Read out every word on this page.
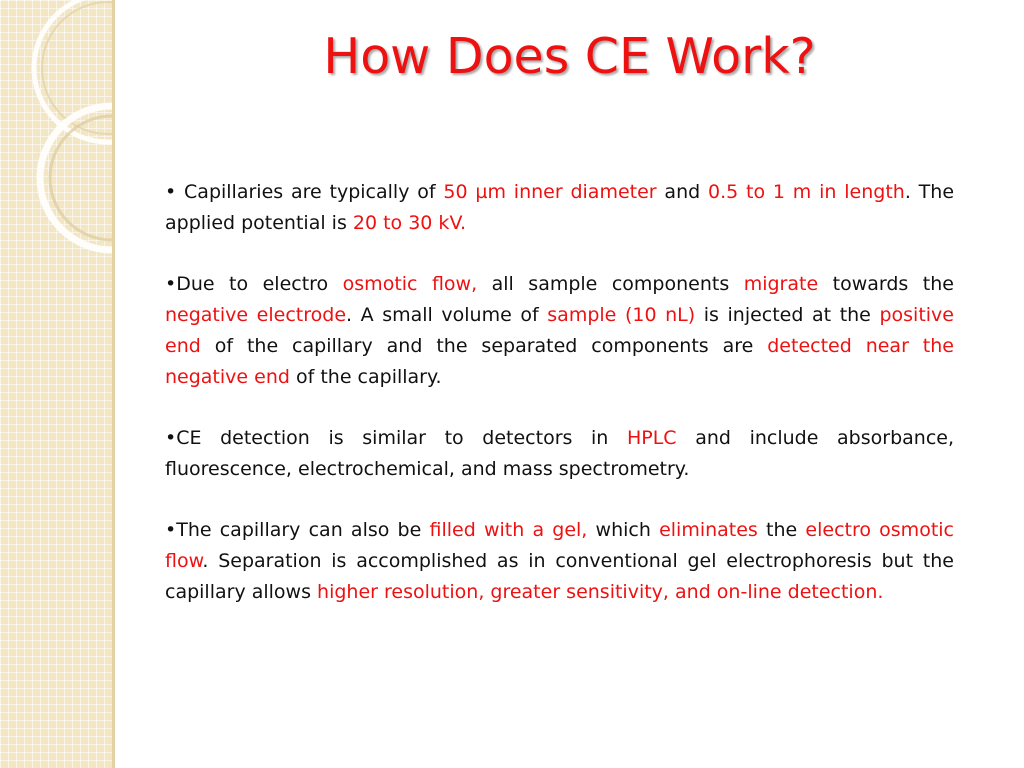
How Does CE Work?

• Capillaries are typically of 50 µm inner diameter and 0.5 to 1 m in length. The applied potential is 20 to 30 kV.

•Due to electro osmotic flow, all sample components migrate towards the negative electrode. A small volume of sample (10 nL) is injected at the positive end of the capillary and the separated components are detected near the negative end of the capillary.

•CE detection is similar to detectors in HPLC and include absorbance, fluorescence, electrochemical, and mass spectrometry.

•The capillary can also be filled with a gel, which eliminates the electro osmotic flow. Separation is accomplished as in conventional gel electrophoresis but the capillary allows higher resolution, greater sensitivity, and on-line detection.
